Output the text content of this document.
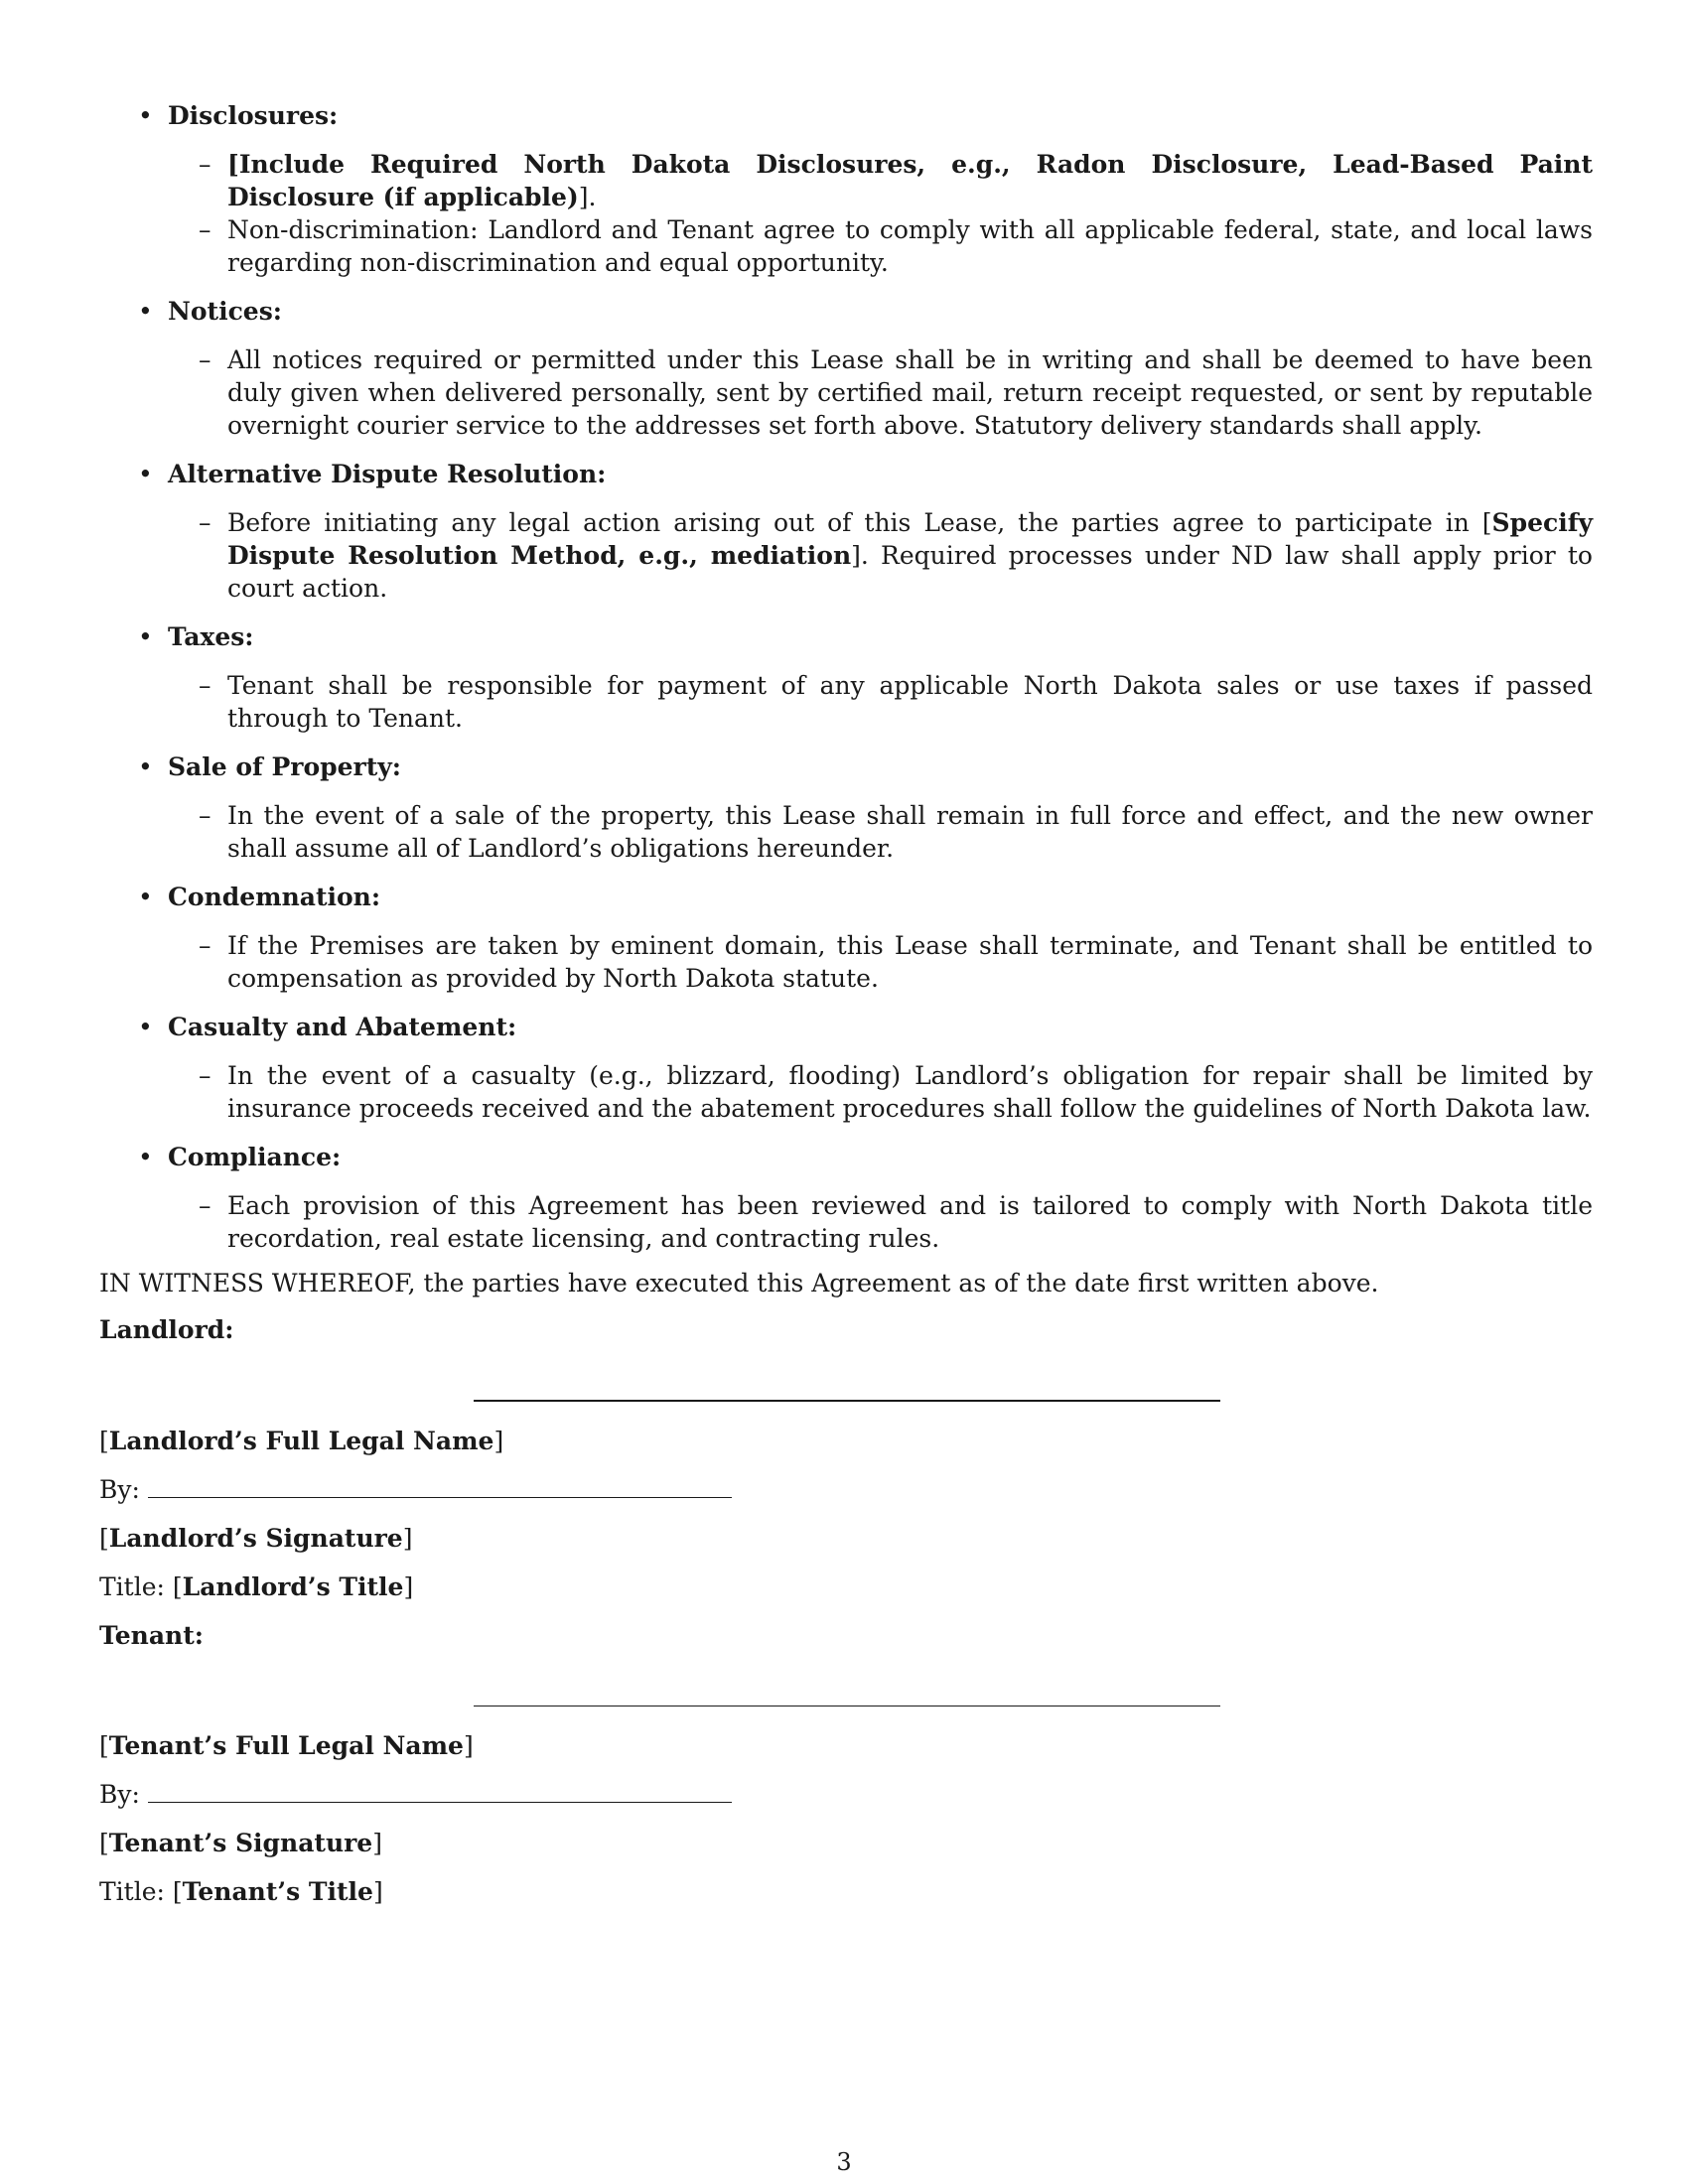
• Disclosures:
– [Include Required North Dakota Disclosures, e.g., Radon Disclosure, Lead-Based Paint Disclosure (if applicable)].
– Non-discrimination: Landlord and Tenant agree to comply with all applicable federal, state, and local laws regarding non-discrimination and equal opportunity.
• Notices:
– All notices required or permitted under this Lease shall be in writing and shall be deemed to have been duly given when delivered personally, sent by certified mail, return receipt requested, or sent by reputable overnight courier service to the addresses set forth above. Statutory delivery standards shall apply.
• Alternative Dispute Resolution:
– Before initiating any legal action arising out of this Lease, the parties agree to participate in [Specify Dispute Resolution Method, e.g., mediation]. Required processes under ND law shall apply prior to court action.
• Taxes:
– Tenant shall be responsible for payment of any applicable North Dakota sales or use taxes if passed through to Tenant.
• Sale of Property:
– In the event of a sale of the property, this Lease shall remain in full force and effect, and the new owner shall assume all of Landlord’s obligations hereunder.
• Condemnation:
– If the Premises are taken by eminent domain, this Lease shall terminate, and Tenant shall be entitled to compensation as provided by North Dakota statute.
• Casualty and Abatement:
– In the event of a casualty (e.g., blizzard, flooding) Landlord’s obligation for repair shall be limited by insurance proceeds received and the abatement procedures shall follow the guidelines of North Dakota law.
• Compliance:
– Each provision of this Agreement has been reviewed and is tailored to comply with North Dakota title recordation, real estate licensing, and contracting rules.

IN WITNESS WHEREOF, the parties have executed this Agreement as of the date first written above.

Landlord:

[Landlord’s Full Legal Name]

By:

[Landlord’s Signature]

Title: [Landlord’s Title]

Tenant:

[Tenant’s Full Legal Name]

By:

[Tenant’s Signature]

Title: [Tenant’s Title]

3
